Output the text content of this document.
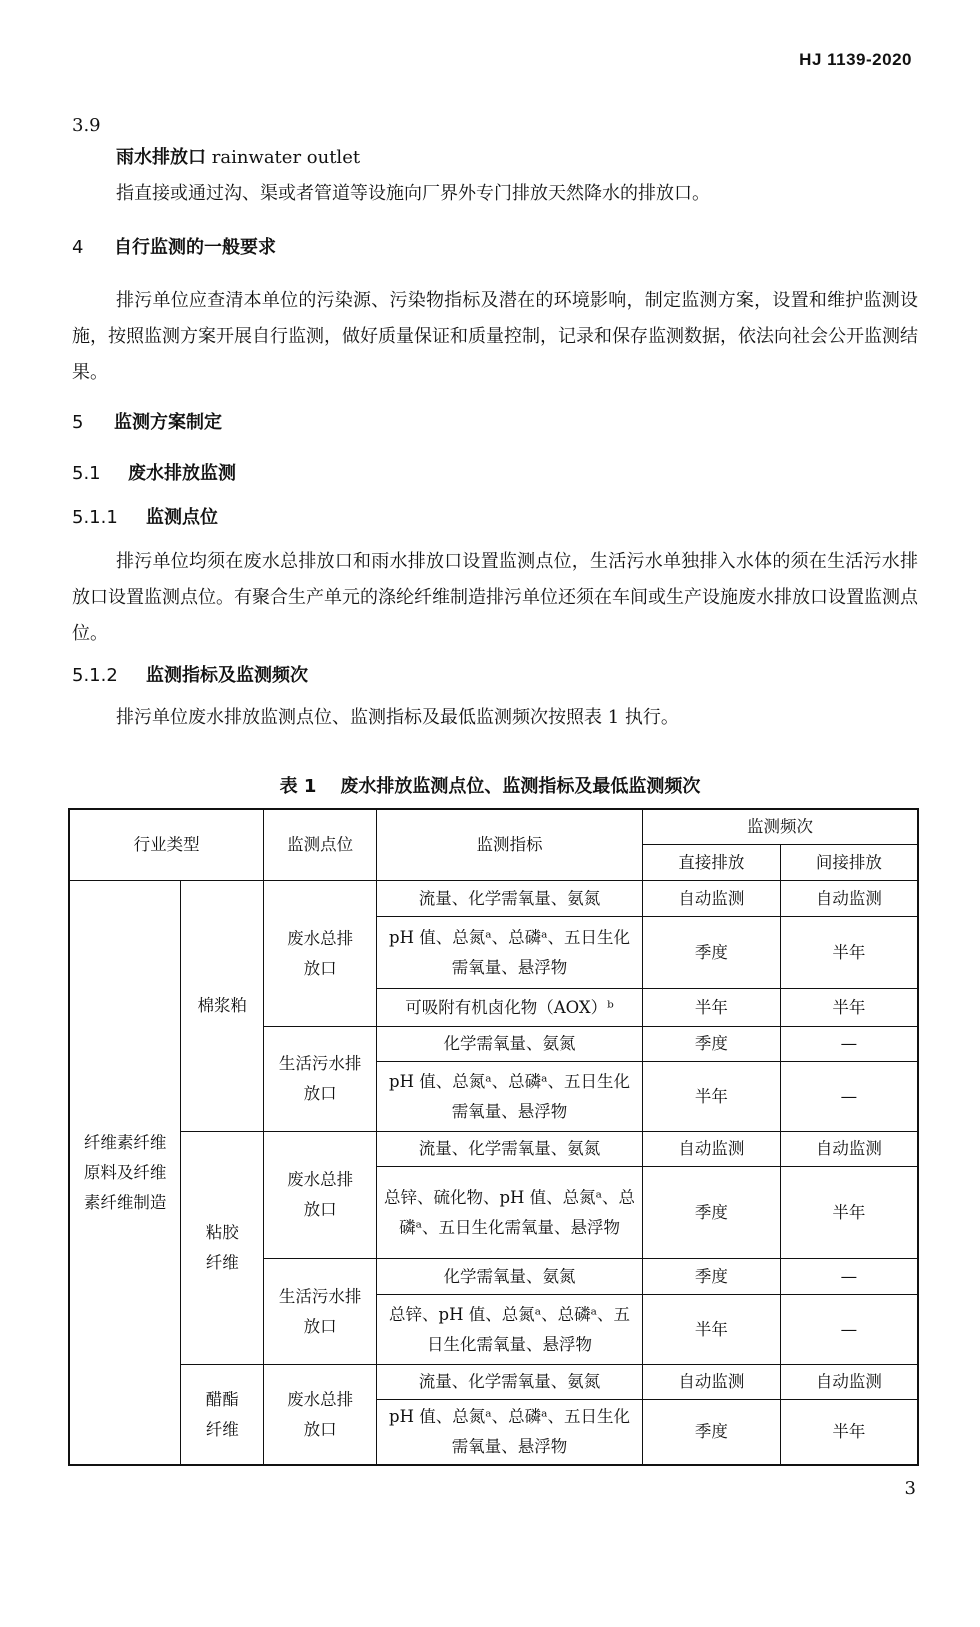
HJ 1139-2020
3.9
雨水排放口 rainwater outlet
指直接或通过沟、渠或者管道等设施向厂界外专门排放天然降水的排放口。
4 自行监测的一般要求
排污单位应查清本单位的污染源、污染物指标及潜在的环境影响，制定监测方案，设置和维护监测设施，按照监测方案开展自行监测，做好质量保证和质量控制，记录和保存监测数据，依法向社会公开监测结果。
5 监测方案制定
5.1 废水排放监测
5.1.1 监测点位
排污单位均须在废水总排放口和雨水排放口设置监测点位，生活污水单独排入水体的须在生活污水排放口设置监测点位。有聚合生产单元的涤纶纤维制造排污单位还须在车间或生产设施废水排放口设置监测点位。
5.1.2 监测指标及监测频次
排污单位废水排放监测点位、监测指标及最低监测频次按照表 1 执行。
表 1 废水排放监测点位、监测指标及最低监测频次
行业类型		监测点位	监测指标	监测频次	
				直接排放	间接排放
纤维素纤维原料及纤维素纤维制造	棉浆粕	废水总排放口	流量、化学需氧量、氨氮	自动监测	自动监测
			pH 值、总氮ᵃ、总磷ᵃ、五日生化需氧量、悬浮物	季度	半年
			可吸附有机卤化物（AOX）ᵇ	半年	半年
		生活污水排放口	化学需氧量、氨氮	季度	—
			pH 值、总氮ᵃ、总磷ᵃ、五日生化需氧量、悬浮物	半年	—
	粘胶纤维	废水总排放口	流量、化学需氧量、氨氮	自动监测	自动监测
			总锌、硫化物、pH 值、总氮ᵃ、总磷ᵃ、五日生化需氧量、悬浮物	季度	半年
		生活污水排放口	化学需氧量、氨氮	季度	—
			总锌、pH 值、总氮ᵃ、总磷ᵃ、五日生化需氧量、悬浮物	半年	—
	醋酯纤维	废水总排放口	流量、化学需氧量、氨氮	自动监测	自动监测
			pH 值、总氮ᵃ、总磷ᵃ、五日生化需氧量、悬浮物	季度	半年
3
